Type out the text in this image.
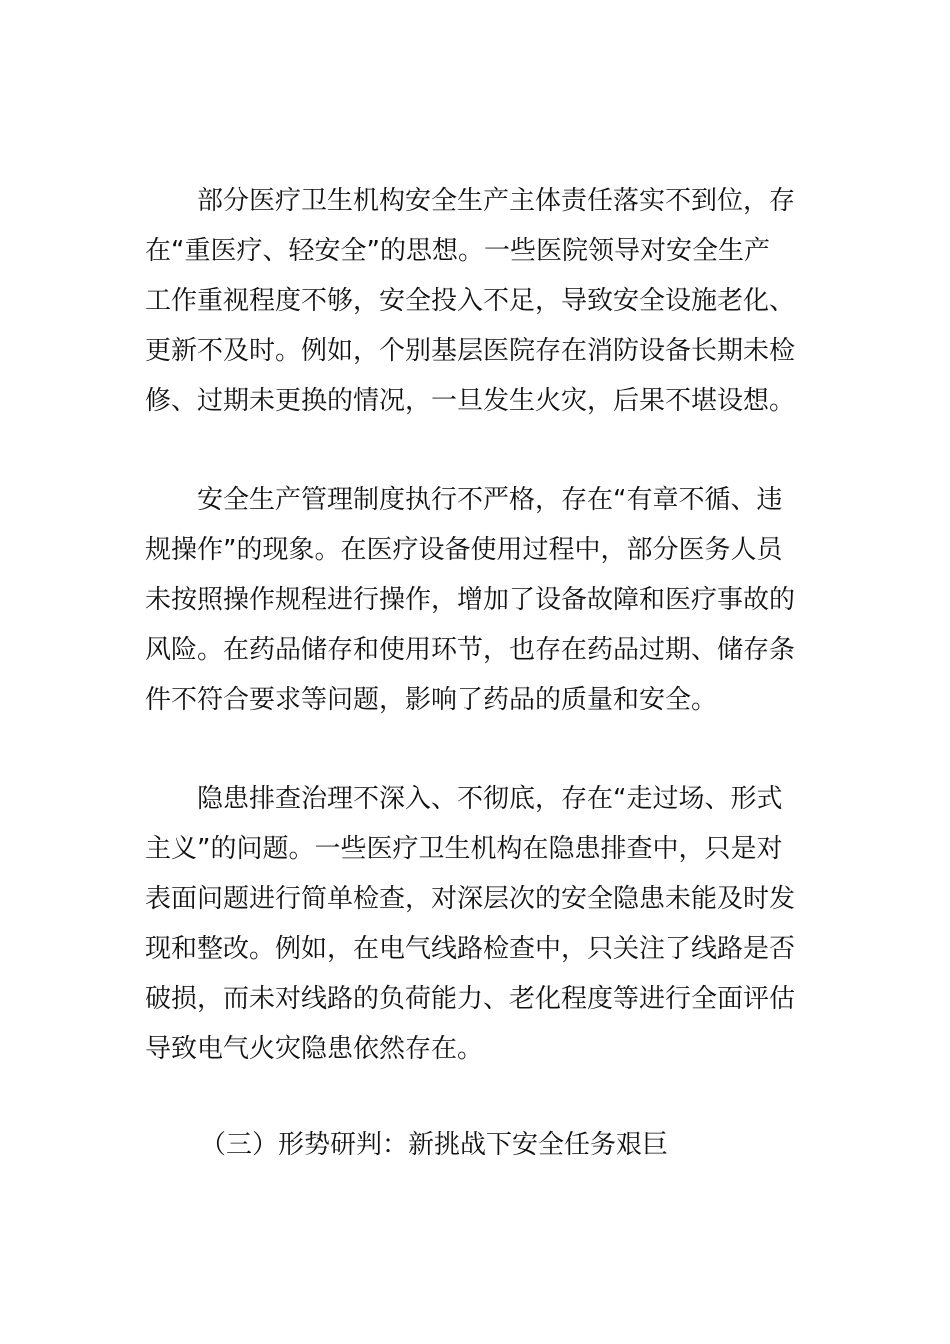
部分医疗卫生机构安全生产主体责任落实不到位，存
在“重医疗、轻安全”的思想。一些医院领导对安全生产
工作重视程度不够，安全投入不足，导致安全设施老化、
更新不及时。例如，个别基层医院存在消防设备长期未检
修、过期未更换的情况，一旦发生火灾，后果不堪设想。
安全生产管理制度执行不严格，存在“有章不循、违
规操作”的现象。在医疗设备使用过程中，部分医务人员
未按照操作规程进行操作，增加了设备故障和医疗事故的
风险。在药品储存和使用环节，也存在药品过期、储存条
件不符合要求等问题，影响了药品的质量和安全。
隐患排查治理不深入、不彻底，存在“走过场、形式
主义”的问题。一些医疗卫生机构在隐患排查中，只是对
表面问题进行简单检查，对深层次的安全隐患未能及时发
现和整改。例如，在电气线路检查中，只关注了线路是否
破损，而未对线路的负荷能力、老化程度等进行全面评估
导致电气火灾隐患依然存在。
（三）形势研判：新挑战下安全任务艰巨
